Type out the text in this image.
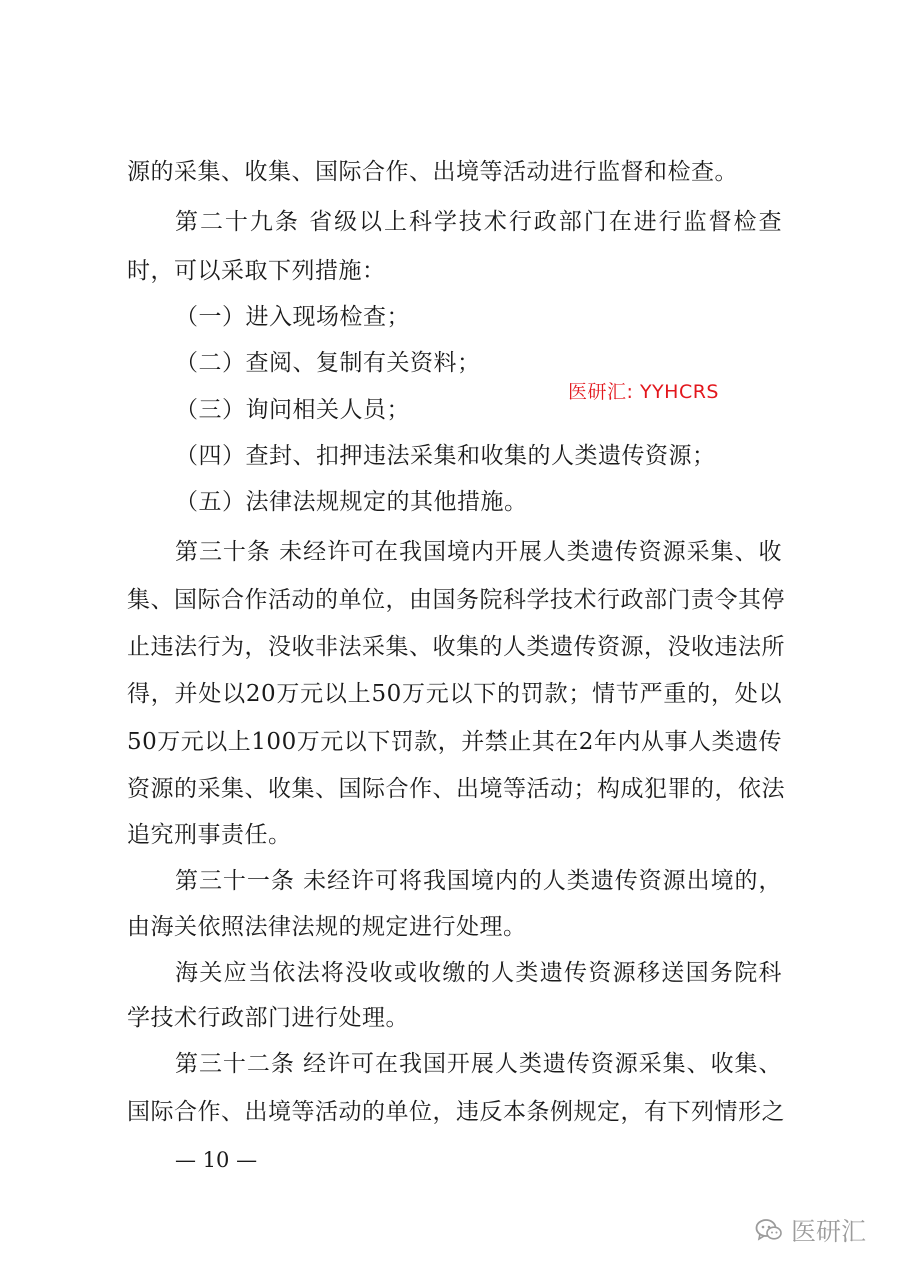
源的采集、收集、国际合作、出境等活动进行监督和检查。
第二十九条 省级以上科学技术行政部门在进行监督检查
时，可以采取下列措施：
（一）进入现场检查；
（二）查阅、复制有关资料；
（三）询问相关人员；
（四）查封、扣押违法采集和收集的人类遗传资源；
（五）法律法规规定的其他措施。
第三十条 未经许可在我国境内开展人类遗传资源采集、收
集、国际合作活动的单位，由国务院科学技术行政部门责令其停
止违法行为，没收非法采集、收集的人类遗传资源，没收违法所
得，并处以20万元以上50万元以下的罚款；情节严重的，处以
50万元以上100万元以下罚款，并禁止其在2年内从事人类遗传
资源的采集、收集、国际合作、出境等活动；构成犯罪的，依法
追究刑事责任。
第三十一条 未经许可将我国境内的人类遗传资源出境的，
由海关依照法律法规的规定进行处理。
海关应当依法将没收或收缴的人类遗传资源移送国务院科
学技术行政部门进行处理。
第三十二条 经许可在我国开展人类遗传资源采集、收集、
国际合作、出境等活动的单位，违反本条例规定，有下列情形之
医研汇: YYHCRS
— 10 —
医研汇
